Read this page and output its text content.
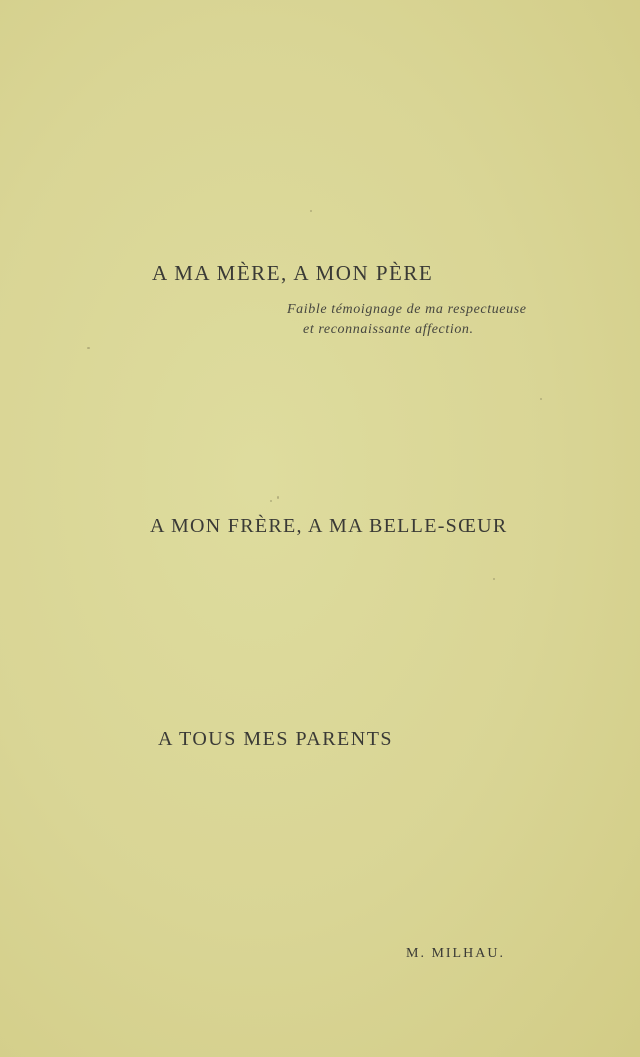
A MA MÈRE, A MON PÈRE
Faible témoignage de ma respectueuse
et reconnaissante affection.
A MON FRÈRE, A MA BELLE-SŒUR
A TOUS MES PARENTS
M. MILHAU.
